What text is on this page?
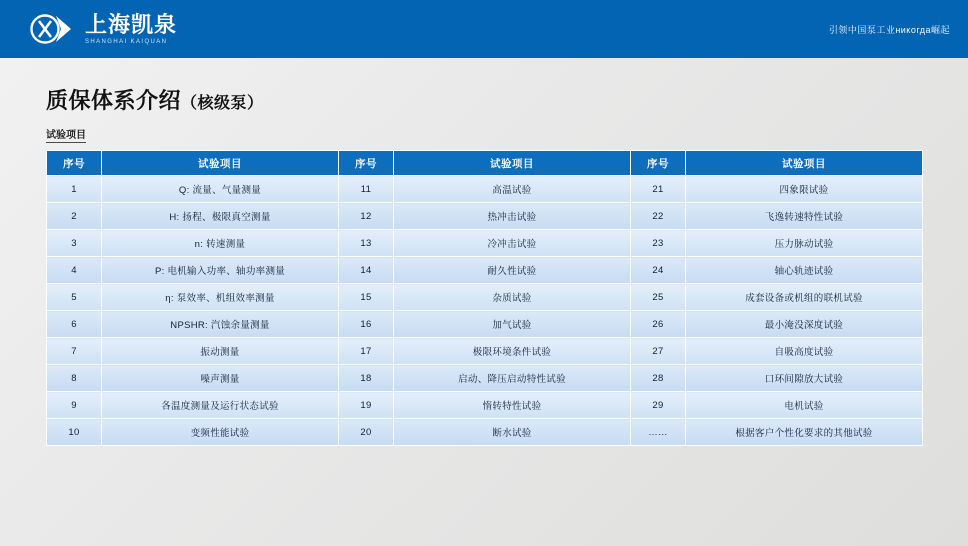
上海凯泉
SHANGHAI KAIQUAN
引领中国泵工业никогда崛起
质保体系介绍（核级泵）
试验项目
序号	试验项目	序号	试验项目	序号	试验项目
1	Q: 流量、气量测量	11	高温试验	21	四象限试验
2	H: 扬程、极限真空测量	12	热冲击试验	22	飞逸转速特性试验
3	n: 转速测量	13	冷冲击试验	23	压力脉动试验
4	P: 电机输入功率、轴功率测量	14	耐久性试验	24	轴心轨迹试验
5	η: 泵效率、机组效率测量	15	杂质试验	25	成套设备或机组的联机试验
6	NPSHR: 汽蚀余量测量	16	加气试验	26	最小淹没深度试验
7	振动测量	17	极限环境条件试验	27	自吸高度试验
8	噪声测量	18	启动、降压启动特性试验	28	口环间隙放大试验
9	各温度测量及运行状态试验	19	惰转特性试验	29	电机试验
10	变频性能试验	20	断水试验	……	根据客户个性化要求的其他试验
